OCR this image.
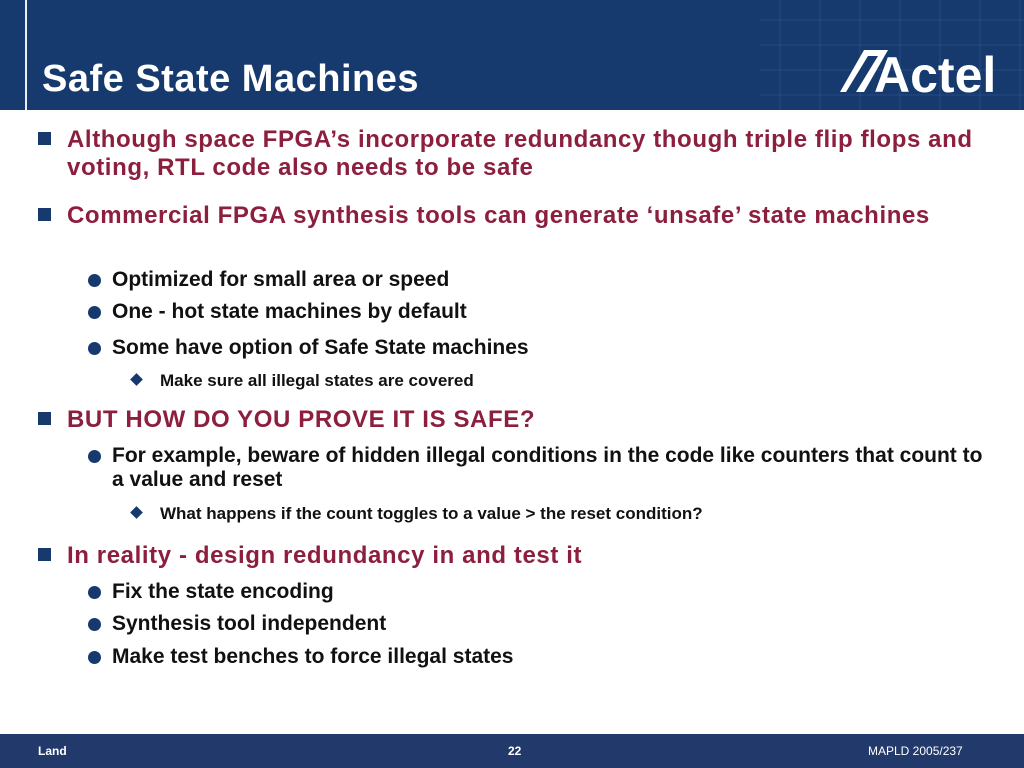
Safe State Machines	Actel
Although space FPGA’s incorporate redundancy though triple flip flops and voting, RTL code also needs to be safe
Commercial FPGA synthesis tools can generate ‘unsafe’ state machines
Optimized for small area or speed
One - hot state machines by default
Some have option of Safe State machines
Make sure all illegal states are covered
BUT HOW DO YOU PROVE IT IS SAFE?
For example, beware of hidden illegal conditions in the code like counters that count to a value and reset
What happens if the count toggles to a value > the reset condition?
In reality - design redundancy in and test it
Fix the state encoding
Synthesis tool independent
Make test benches to force illegal states
Land	22	MAPLD 2005/237
